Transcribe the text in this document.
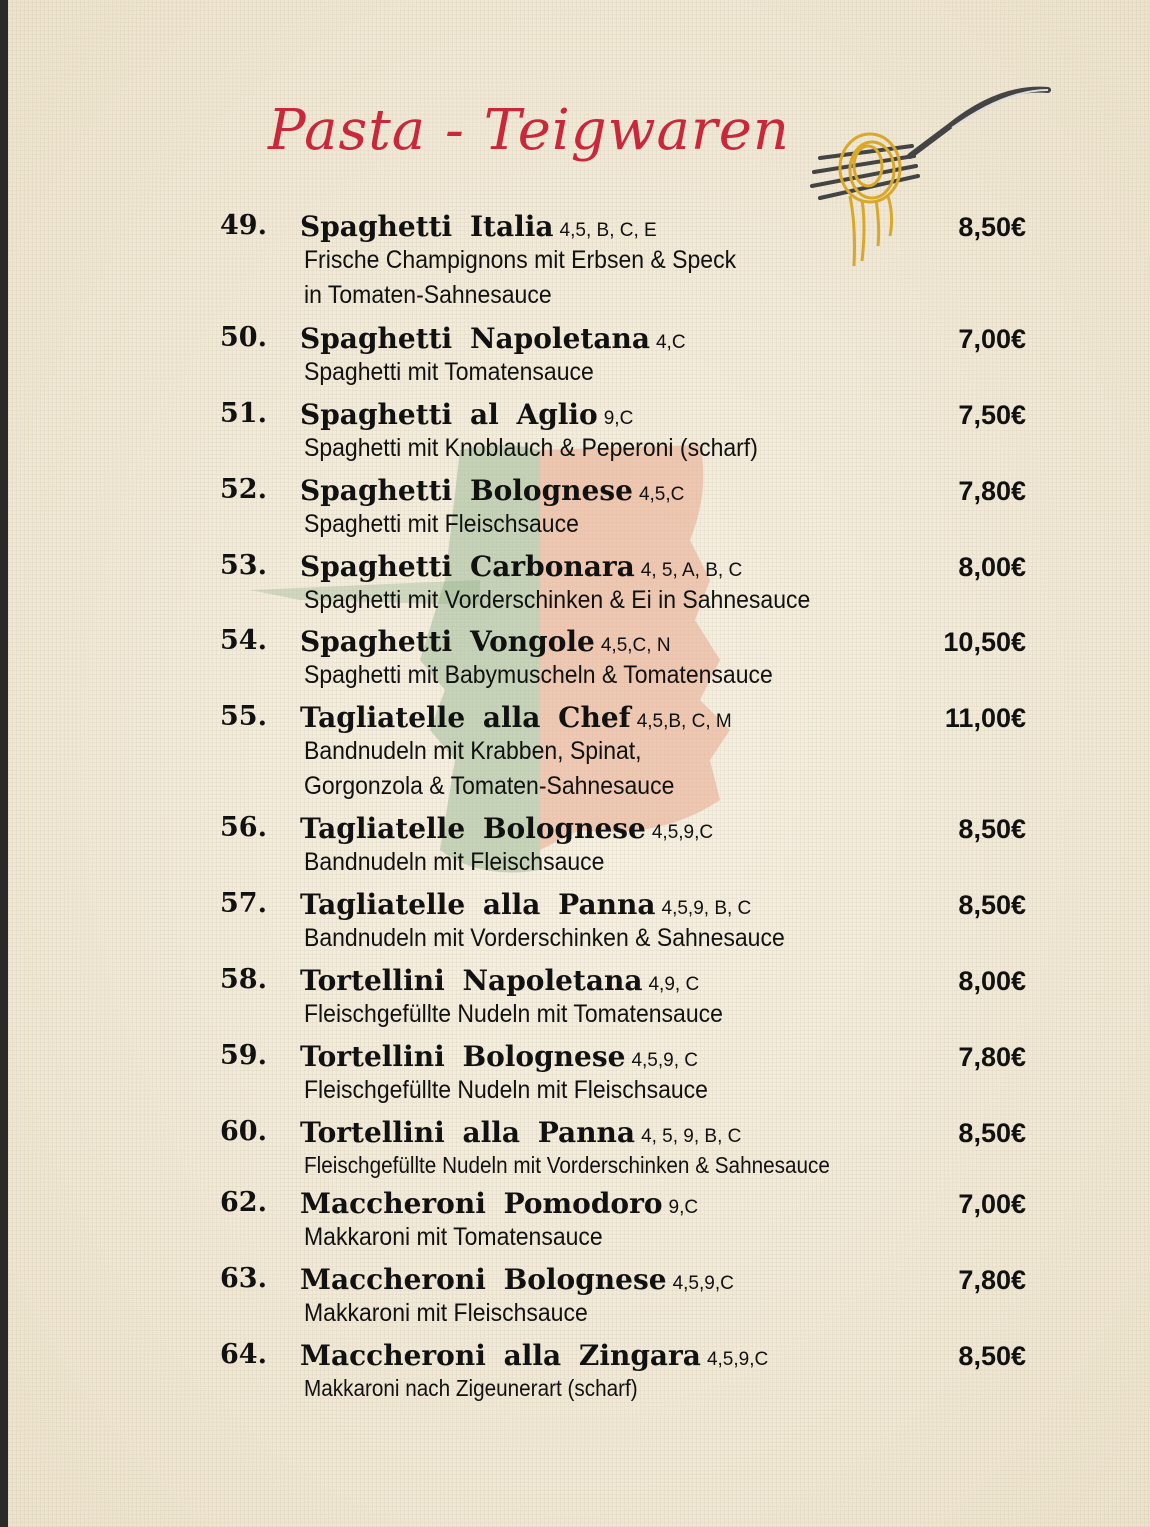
Pasta - Teigwaren
49. Spaghetti Italia 4,5, B, C, E	8,50€
Frische Champignons mit Erbsen & Speck
in Tomaten-Sahnesauce
50. Spaghetti Napoletana 4,C	7,00€
Spaghetti mit Tomatensauce
51. Spaghetti al Aglio 9,C	7,50€
Spaghetti mit Knoblauch & Peperoni (scharf)
52. Spaghetti Bolognese 4,5,C	7,80€
Spaghetti mit Fleischsauce
53. Spaghetti Carbonara 4, 5, A, B, C	8,00€
Spaghetti mit Vorderschinken & Ei in Sahnesauce
54. Spaghetti Vongole 4,5,C, N	10,50€
Spaghetti mit Babymuscheln & Tomatensauce
55. Tagliatelle alla Chef 4,5,B, C, M	11,00€
Bandnudeln mit Krabben, Spinat,
Gorgonzola & Tomaten-Sahnesauce
56. Tagliatelle Bolognese 4,5,9,C	8,50€
Bandnudeln mit Fleischsauce
57. Tagliatelle alla Panna 4,5,9, B, C	8,50€
Bandnudeln mit Vorderschinken & Sahnesauce
58. Tortellini Napoletana 4,9, C	8,00€
Fleischgefüllte Nudeln mit Tomatensauce
59. Tortellini Bolognese 4,5,9, C	7,80€
Fleischgefüllte Nudeln mit Fleischsauce
60. Tortellini alla Panna 4, 5, 9, B, C	8,50€
Fleischgefüllte Nudeln mit Vorderschinken & Sahnesauce
62. Maccheroni Pomodoro 9,C	7,00€
Makkaroni mit Tomatensauce
63. Maccheroni Bolognese 4,5,9,C	7,80€
Makkaroni mit Fleischsauce
64. Maccheroni alla Zingara 4,5,9,C	8,50€
Makkaroni nach Zigeunerart (scharf)
